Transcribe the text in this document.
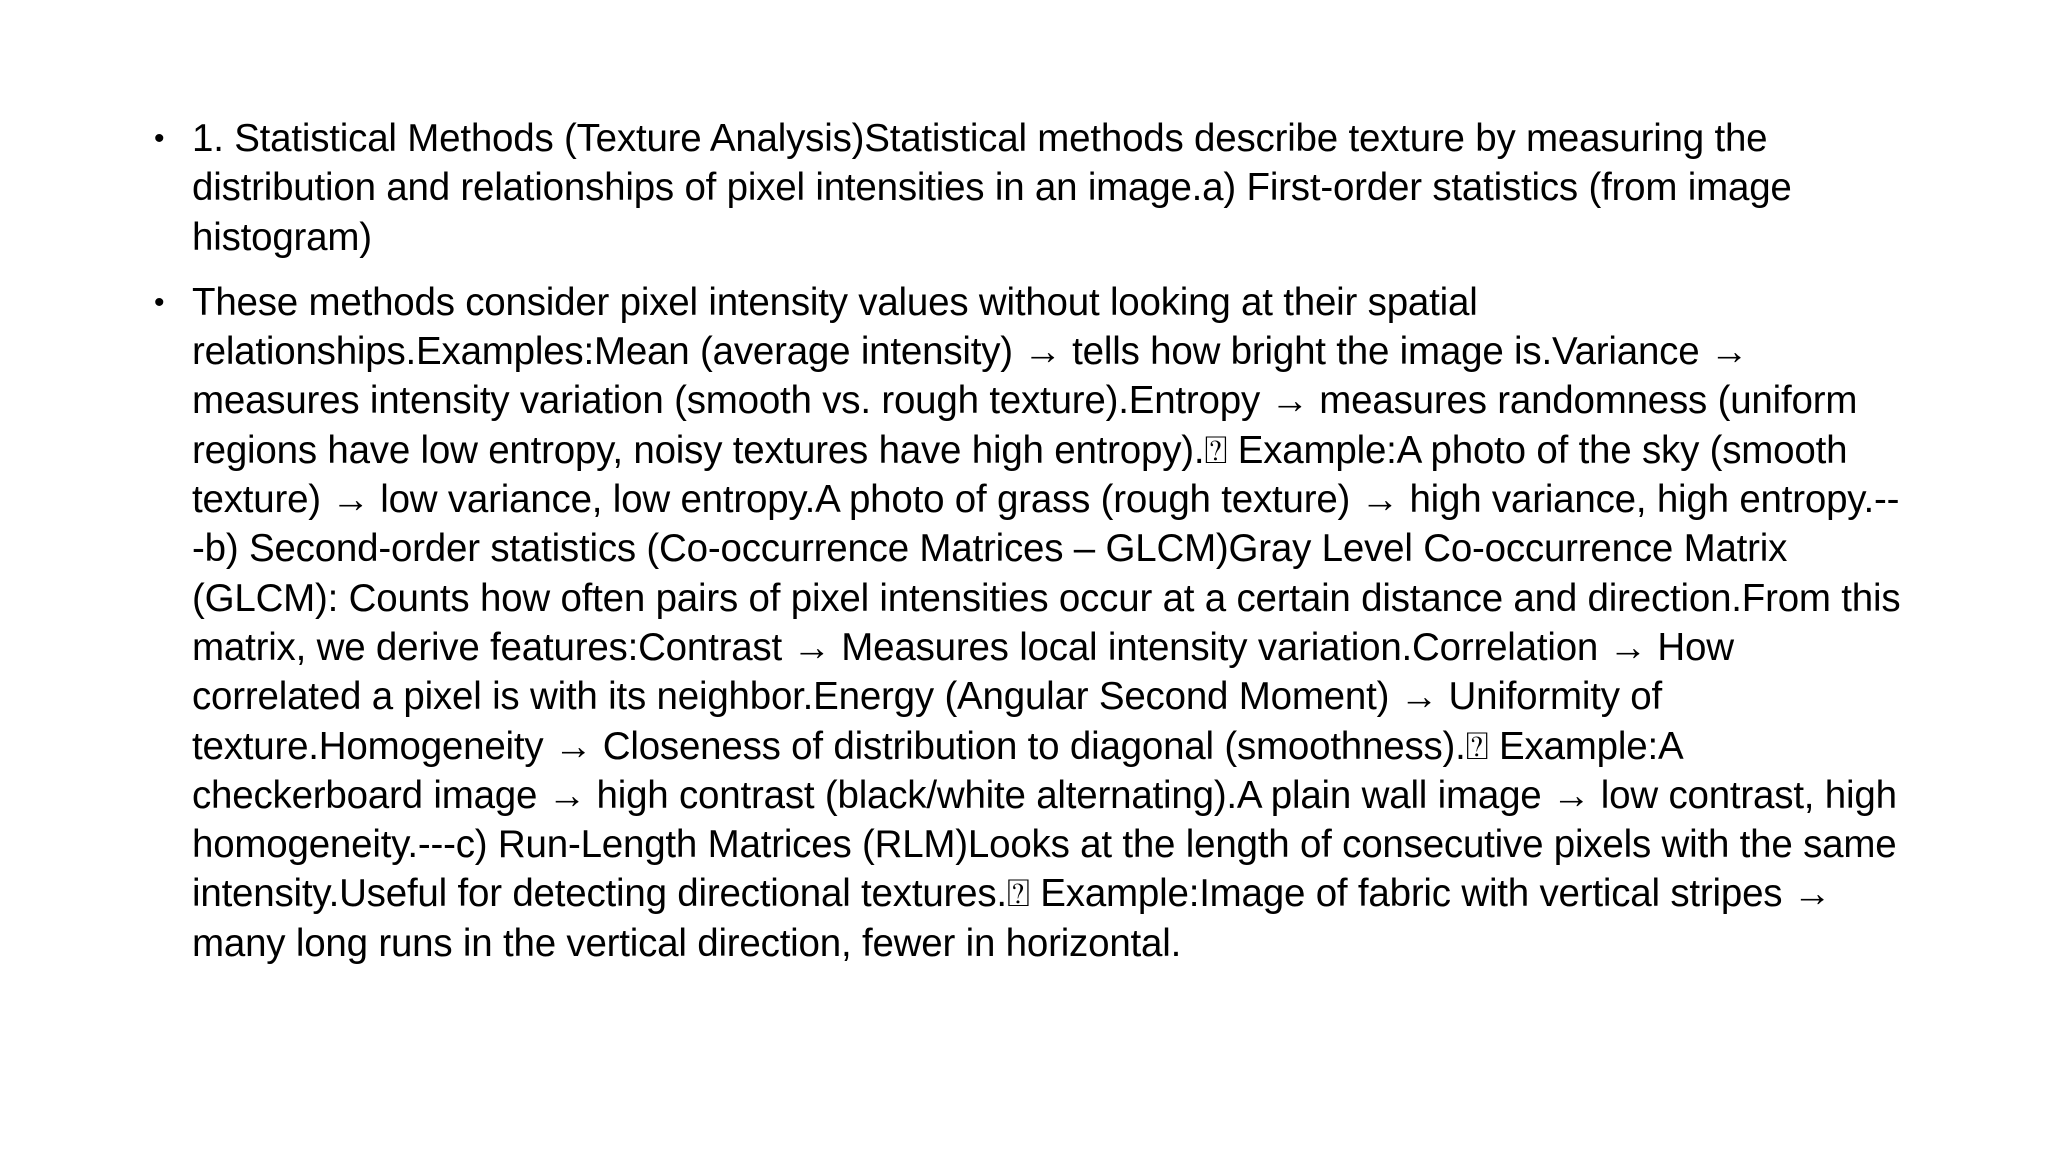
• 1. Statistical Methods (Texture Analysis)Statistical methods describe texture by measuring the distribution and relationships of pixel intensities in an image.a) First-order statistics (from image histogram)
• These methods consider pixel intensity values without looking at their spatial relationships.Examples:Mean (average intensity) → tells how bright the image is.Variance → measures intensity variation (smooth vs. rough texture).Entropy → measures randomness (uniform regions have low entropy, noisy textures have high entropy).⍰ Example:A photo of the sky (smooth texture) → low variance, low entropy.A photo of grass (rough texture) → high variance, high entropy.---b) Second-order statistics (Co-occurrence Matrices – GLCM)Gray Level Co-occurrence Matrix (GLCM): Counts how often pairs of pixel intensities occur at a certain distance and direction.From this matrix, we derive features:Contrast → Measures local intensity variation.Correlation → How correlated a pixel is with its neighbor.Energy (Angular Second Moment) → Uniformity of texture.Homogeneity → Closeness of distribution to diagonal (smoothness).⍰ Example:A checkerboard image → high contrast (black/white alternating).A plain wall image → low contrast, high homogeneity.---c) Run-Length Matrices (RLM)Looks at the length of consecutive pixels with the same intensity.Useful for detecting directional textures.⍰ Example:Image of fabric with vertical stripes → many long runs in the vertical direction, fewer in horizontal.
